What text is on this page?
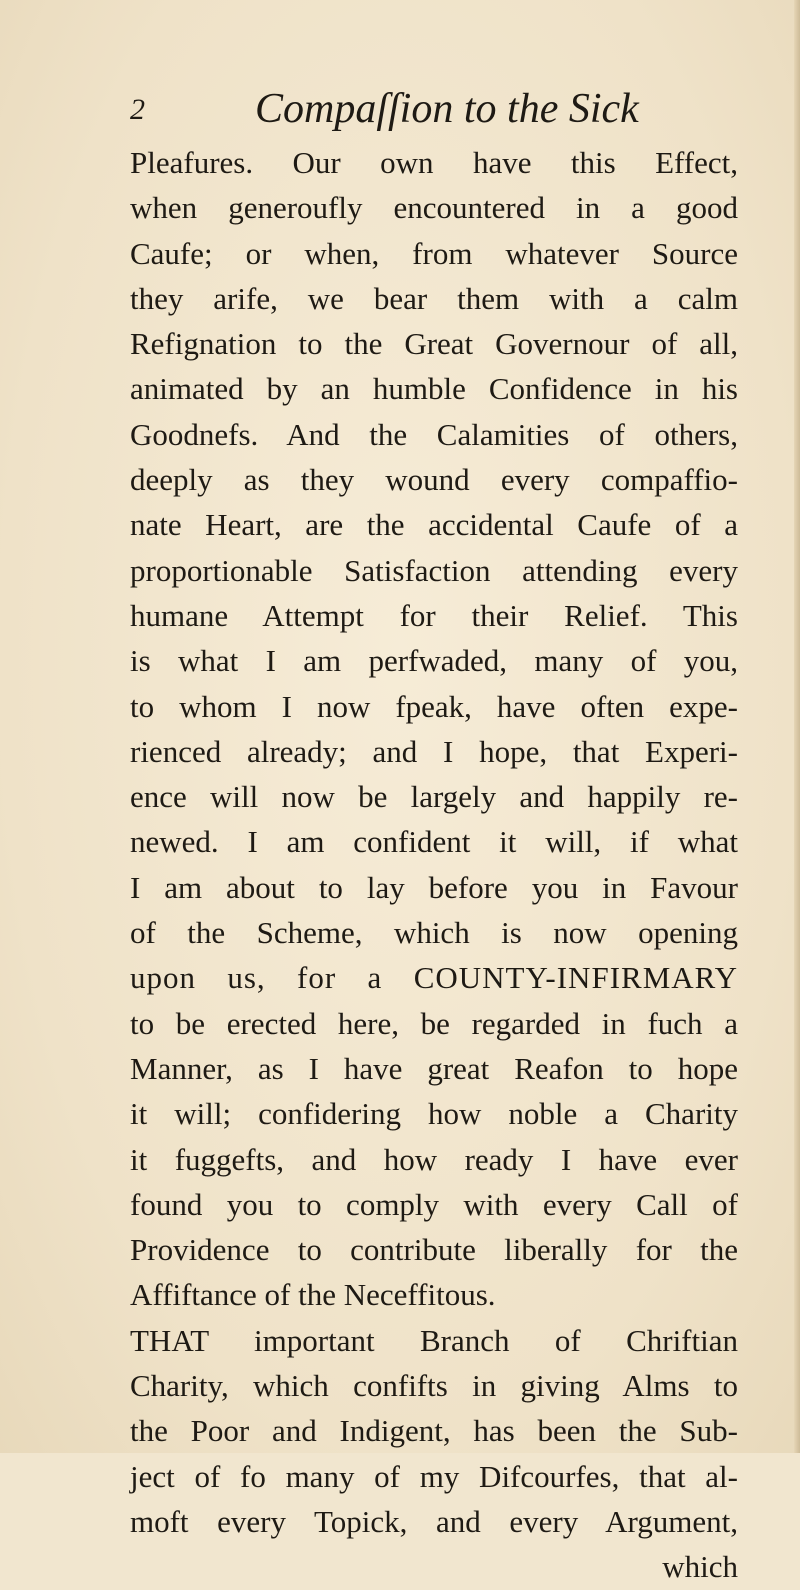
2	Compaſſion to the Sick
Pleafures. Our own have this Effect,
when generoufly encountered in a good
Caufe; or when, from whatever Source
they arife, we bear them with a calm
Refignation to the Great Governour of all,
animated by an humble Confidence in his
Goodnefs. And the Calamities of others,
deeply as they wound every compaffio-
nate Heart, are the accidental Caufe of a
proportionable Satisfaction attending every
humane Attempt for their Relief. This
is what I am perfwaded, many of you,
to whom I now fpeak, have often expe-
rienced already; and I hope, that Experi-
ence will now be largely and happily re-
newed. I am confident it will, if what
I am about to lay before you in Favour
of the Scheme, which is now opening
upon us, for a COUNTY-INFIRMARY
to be erected here, be regarded in fuch a
Manner, as I have great Reafon to hope
it will; confidering how noble a Charity
it fuggefts, and how ready I have ever
found you to comply with every Call of
Providence to contribute liberally for the
Affiftance of the Neceffitous.
THAT important Branch of Chriftian
Charity, which confifts in giving Alms to
the Poor and Indigent, has been the Sub-
ject of fo many of my Difcourfes, that al-
moft every Topick, and every Argument,
which
